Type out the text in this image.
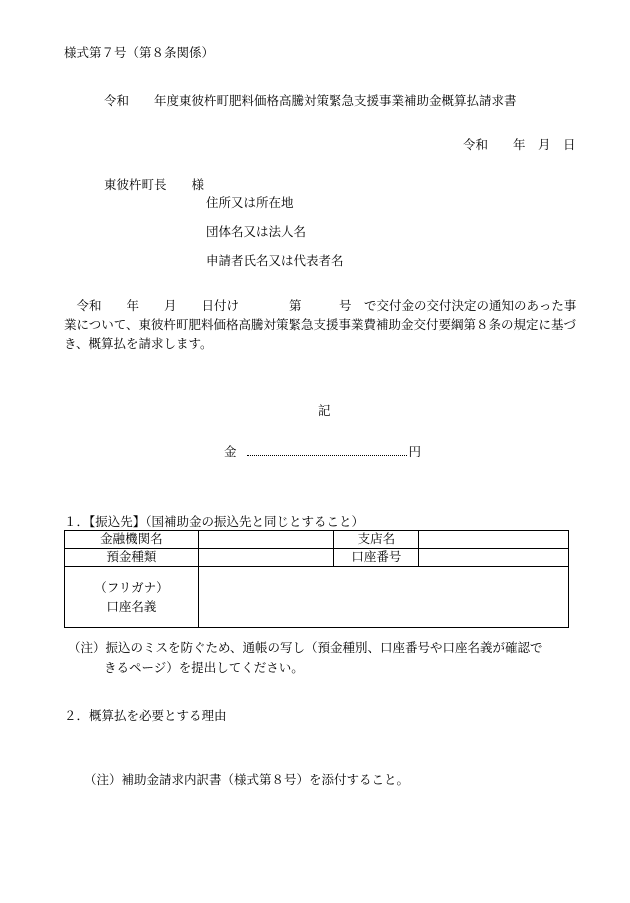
様式第７号（第８条関係）
令和　　年度東彼杵町肥料価格高騰対策緊急支援事業補助金概算払請求書
令和　　年　月　日
東彼杵町長　　様
住所又は所在地
団体名又は法人名
申請者氏名又は代表者名

　令和　　年　　月　　日付け　　　　第　　　号　で交付金の交付決定の通知のあった事業について、東彼杵町肥料価格高騰対策緊急支援事業費補助金交付要綱第８条の規定に基づき、概算払を請求します。

記
金	円
１．【振込先】（国補助金の振込先と同じとすること）
金融機関名		支店名	
預金種類		口座番号	

（フリガナ）
口座名義			

（注）振込のミスを防ぐため、通帳の写し（預金種別、口座番号や口座名義が確認で
きるページ）を提出してください。
２．概算払を必要とする理由
（注）補助金請求内訳書（様式第８号）を添付すること。
